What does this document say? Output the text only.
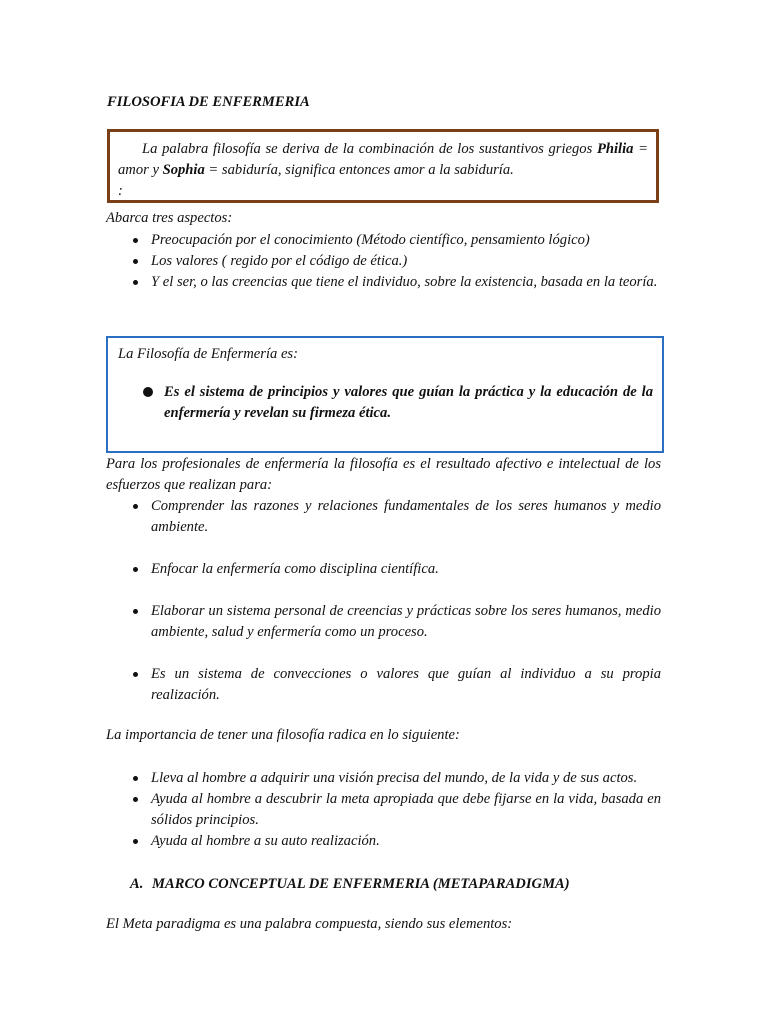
FILOSOFIA DE ENFERMERIA
La palabra filosofía se deriva de la combinación de los sustantivos griegos Philia = amor y Sophia = sabiduría, significa entonces amor a la sabiduría.
:
Abarca tres aspectos:
Preocupación por el conocimiento (Método científico, pensamiento lógico)
Los valores ( regido por el código de ética.)
Y el ser, o las creencias que tiene el individuo, sobre la existencia, basada en la teoría.
La Filosofía de Enfermería es:
Es el sistema de principios y valores que guían la práctica y la educación de la enfermería y revelan su firmeza ética.
Para los profesionales de enfermería la filosofía es el resultado afectivo e intelectual de los esfuerzos que realizan para:
Comprender las razones y relaciones fundamentales de los seres humanos y medio ambiente.
Enfocar la enfermería como disciplina científica.
Elaborar un sistema personal de creencias y prácticas sobre los seres humanos, medio ambiente, salud y enfermería como un proceso.
Es un sistema de convecciones o valores que guían al individuo a su propia realización.
La importancia de tener una filosofía radica en lo siguiente:
Lleva al hombre a adquirir una visión precisa del mundo, de la vida y de sus actos.
Ayuda al hombre a descubrir la meta apropiada que debe fijarse en la vida, basada en sólidos principios.
Ayuda al hombre a su auto realización.
A. MARCO CONCEPTUAL DE ENFERMERIA (METAPARADIGMA)
El Meta paradigma es una palabra compuesta, siendo sus elementos:
